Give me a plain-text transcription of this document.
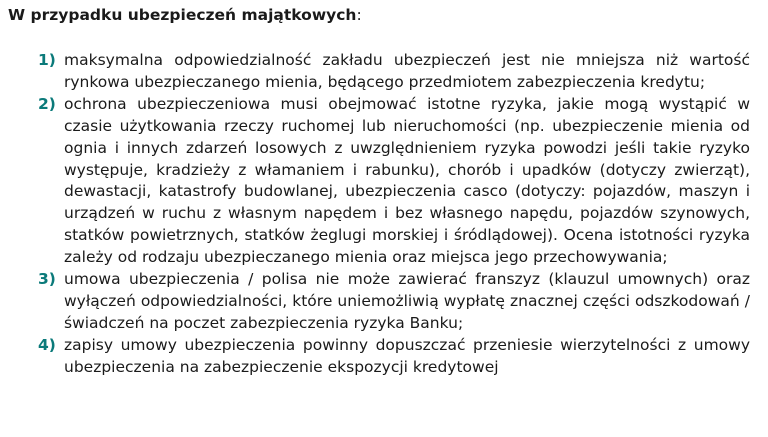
W przypadku ubezpieczeń majątkowych:
1) maksymalna odpowiedzialność zakładu ubezpieczeń jest nie mniejsza niż wartość rynkowa ubezpieczanego mienia, będącego przedmiotem zabezpieczenia kredytu;
2) ochrona ubezpieczeniowa musi obejmować istotne ryzyka, jakie mogą wystąpić w czasie użytkowania rzeczy ruchomej lub nieruchomości (np. ubezpieczenie mienia od ognia i innych zdarzeń losowych z uwzględnieniem ryzyka powodzi jeśli takie ryzyko występuje, kradzieży z włamaniem i rabunku), chorób i upadków (dotyczy zwierząt), dewastacji, katastrofy budowlanej, ubezpieczenia casco (dotyczy: pojazdów, maszyn i urządzeń w ruchu z własnym napędem i bez własnego napędu, pojazdów szynowych, statków powietrznych, statków żeglugi morskiej i śródlądowej). Ocena istotności ryzyka zależy od rodzaju ubezpieczanego mienia oraz miejsca jego przechowywania;
3) umowa ubezpieczenia / polisa nie może zawierać franszyz (klauzul umownych) oraz wyłączeń odpowiedzialności, które uniemożliwią wypłatę znacznej części odszkodowań / świadczeń na poczet zabezpieczenia ryzyka Banku;
4) zapisy umowy ubezpieczenia powinny dopuszczać przeniesie wierzytelności z umowy ubezpieczenia na zabezpieczenie ekspozycji kredytowej
